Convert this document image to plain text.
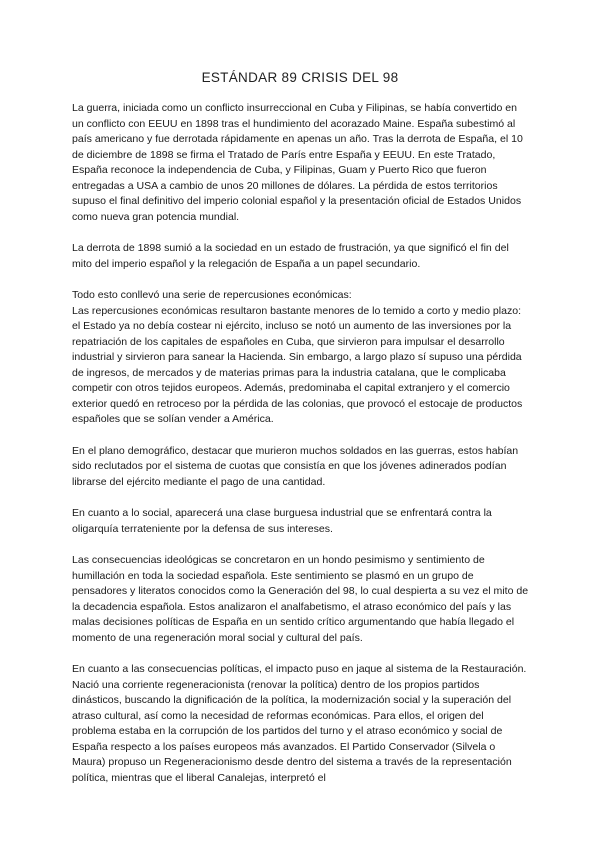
ESTÁNDAR 89 CRISIS DEL 98

La guerra, iniciada como un conflicto insurreccional en Cuba y Filipinas, se había convertido en un conflicto con EEUU en 1898 tras el hundimiento del acorazado Maine. España subestimó al país americano y fue derrotada rápidamente en apenas un año. Tras la derrota de España, el 10 de diciembre de 1898 se firma el Tratado de París entre España y EEUU. En este Tratado, España reconoce la independencia de Cuba, y Filipinas, Guam y Puerto Rico que fueron entregadas a USA a cambio de unos 20 millones de dólares. La pérdida de estos territorios supuso el final definitivo del imperio colonial español y la presentación oficial de Estados Unidos como nueva gran potencia mundial.

La derrota de 1898 sumió a la sociedad en un estado de frustración, ya que significó el fin del mito del imperio español y la relegación de España a un papel secundario.

Todo esto conllevó una serie de repercusiones económicas:

Las repercusiones económicas resultaron bastante menores de lo temido a corto y medio plazo: el Estado ya no debía costear ni ejército, incluso se notó un aumento de las inversiones por la repatriación de los capitales de españoles en Cuba, que sirvieron para impulsar el desarrollo industrial y sirvieron para sanear la Hacienda. Sin embargo, a largo plazo sí supuso una pérdida de ingresos, de mercados y de materias primas para la industria catalana, que le complicaba competir con otros tejidos europeos. Además, predominaba el capital extranjero y el comercio exterior quedó en retroceso por la pérdida de las colonias, que provocó el estocaje de productos españoles que se solían vender a América.

En el plano demográfico, destacar que murieron muchos soldados en las guerras, estos habían sido reclutados por el sistema de cuotas que consistía en que los jóvenes adinerados podían librarse del ejército mediante el pago de una cantidad.

En cuanto a lo social, aparecerá una clase burguesa industrial que se enfrentará contra la oligarquía terrateniente por la defensa de sus intereses.

Las consecuencias ideológicas se concretaron en un hondo pesimismo y sentimiento de humillación en toda la sociedad española. Este sentimiento se plasmó en un grupo de pensadores y literatos conocidos como la Generación del 98, lo cual despierta a su vez el mito de la decadencia española. Estos analizaron el analfabetismo, el atraso económico del país y las malas decisiones políticas de España en un sentido crítico argumentando que había llegado el momento de una regeneración moral social y cultural del país.

En cuanto a las consecuencias políticas, el impacto puso en jaque al sistema de la Restauración. Nació una corriente regeneracionista (renovar la política) dentro de los propios partidos dinásticos, buscando la dignificación de la política, la modernización social y la superación del atraso cultural, así como la necesidad de reformas económicas. Para ellos, el origen del problema estaba en la corrupción de los partidos del turno y el atraso económico y social de España respecto a los países europeos más avanzados. El Partido Conservador (Silvela o Maura) propuso un Regeneracionismo desde dentro del sistema a través de la representación política, mientras que el liberal Canalejas, interpretó el
